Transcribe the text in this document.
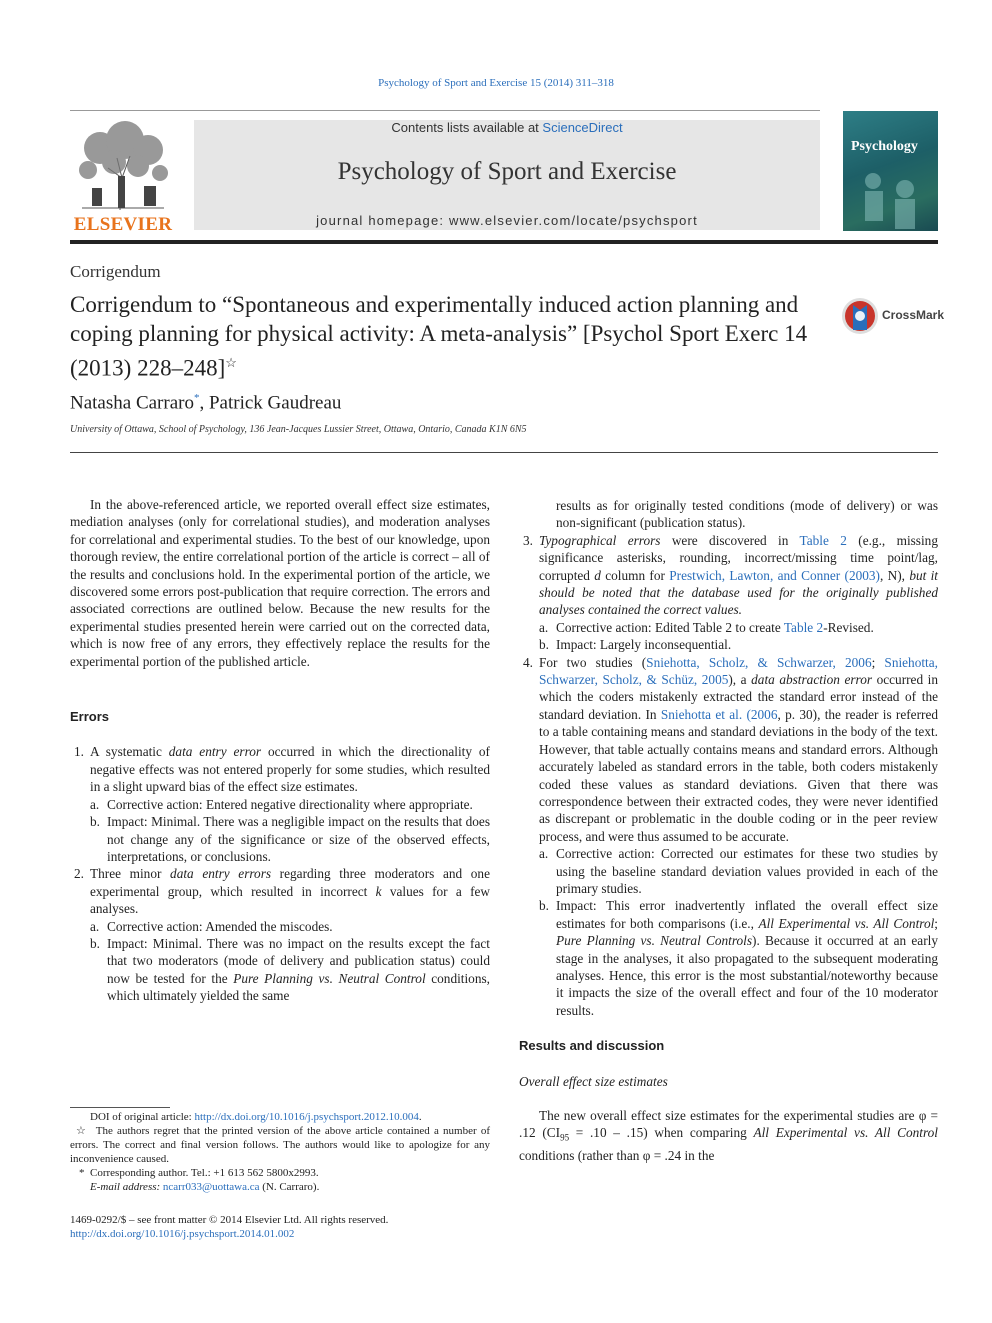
Psychology of Sport and Exercise 15 (2014) 311–318
ELSEVIER
Contents lists available at ScienceDirect
Psychology of Sport and Exercise
journal homepage: www.elsevier.com/locate/psychsport
Psychology
Corrigendum
Corrigendum to “Spontaneous and experimentally induced action planning and coping planning for physical activity: A meta-analysis” [Psychol Sport Exerc 14 (2013) 228–248]☆
CrossMark
Natasha Carraro*, Patrick Gaudreau
University of Ottawa, School of Psychology, 136 Jean-Jacques Lussier Street, Ottawa, Ontario, Canada K1N 6N5

In the above-referenced article, we reported overall effect size estimates, mediation analyses (only for correlational studies), and moderation analyses for correlational and experimental studies. To the best of our knowledge, upon thorough review, the entire correlational portion of the article is correct – all of the results and conclusions hold. In the experimental portion of the article, we discovered some errors post-publication that require correction. The errors and associated corrections are outlined below. Because the new results for the experimental studies presented herein were carried out on the corrected data, which is now free of any errors, they effectively replace the results for the experimental portion of the published article.

Errors

1. A systematic data entry error occurred in which the directionality of negative effects was not entered properly for some studies, which resulted in a slight upward bias of the effect size estimates.
a. Corrective action: Entered negative directionality where appropriate.
b. Impact: Minimal. There was a negligible impact on the results that does not change any of the significance or size of the observed effects, interpretations, or conclusions.
2. Three minor data entry errors regarding three moderators and one experimental group, which resulted in incorrect k values for a few analyses.
a. Corrective action: Amended the miscodes.
b. Impact: Minimal. There was no impact on the results except the fact that two moderators (mode of delivery and publication status) could now be tested for the Pure Planning vs. Neutral Control conditions, which ultimately yielded the same
results as for originally tested conditions (mode of delivery) or was non-significant (publication status).
3. Typographical errors were discovered in Table 2 (e.g., missing significance asterisks, rounding, incorrect/missing time point/lag, corrupted d column for Prestwich, Lawton, and Conner (2003), N), but it should be noted that the database used for the originally published analyses contained the correct values.
a. Corrective action: Edited Table 2 to create Table 2-Revised.
b. Impact: Largely inconsequential.
4. For two studies (Sniehotta, Scholz, & Schwarzer, 2006; Sniehotta, Schwarzer, Scholz, & Schüz, 2005), a data abstraction error occurred in which the coders mistakenly extracted the standard error instead of the standard deviation. In Sniehotta et al. (2006, p. 30), the reader is referred to a table containing means and standard deviations in the body of the text. However, that table actually contains means and standard errors. Although accurately labeled as standard errors in the table, both coders mistakenly coded these values as standard deviations. Given that there was correspondence between their extracted codes, they were never identified as discrepant or problematic in the double coding or in the peer review process, and were thus assumed to be accurate.
a. Corrective action: Corrected our estimates for these two studies by using the baseline standard deviation values provided in each of the primary studies.
b. Impact: This error inadvertently inflated the overall effect size estimates for both comparisons (i.e., All Experimental vs. All Control; Pure Planning vs. Neutral Controls). Because it occurred at an early stage in the analyses, it also propagated to the subsequent moderating analyses. Hence, this error is the most substantial/noteworthy because it impacts the size of the overall effect and four of the 10 moderator results.

Results and discussion

Overall effect size estimates

The new overall effect size estimates for the experimental studies are φ = .12 $(CI_{95} = .10 - .15)$ when comparing All Experimental vs. All Control conditions (rather than φ = .24 in the

DOI of original article: http://dx.doi.org/10.1016/j.psychsport.2012.10.004.

☆ The authors regret that the printed version of the above article contained a number of errors. The correct and final version follows. The authors would like to apologize for any inconvenience caused.

* Corresponding author. Tel.: +1 613 562 5800x2993.

E-mail address: ncarr033@uottawa.ca (N. Carraro).

1469-0292/$ – see front matter © 2014 Elsevier Ltd. All rights reserved.
http://dx.doi.org/10.1016/j.psychsport.2014.01.002
